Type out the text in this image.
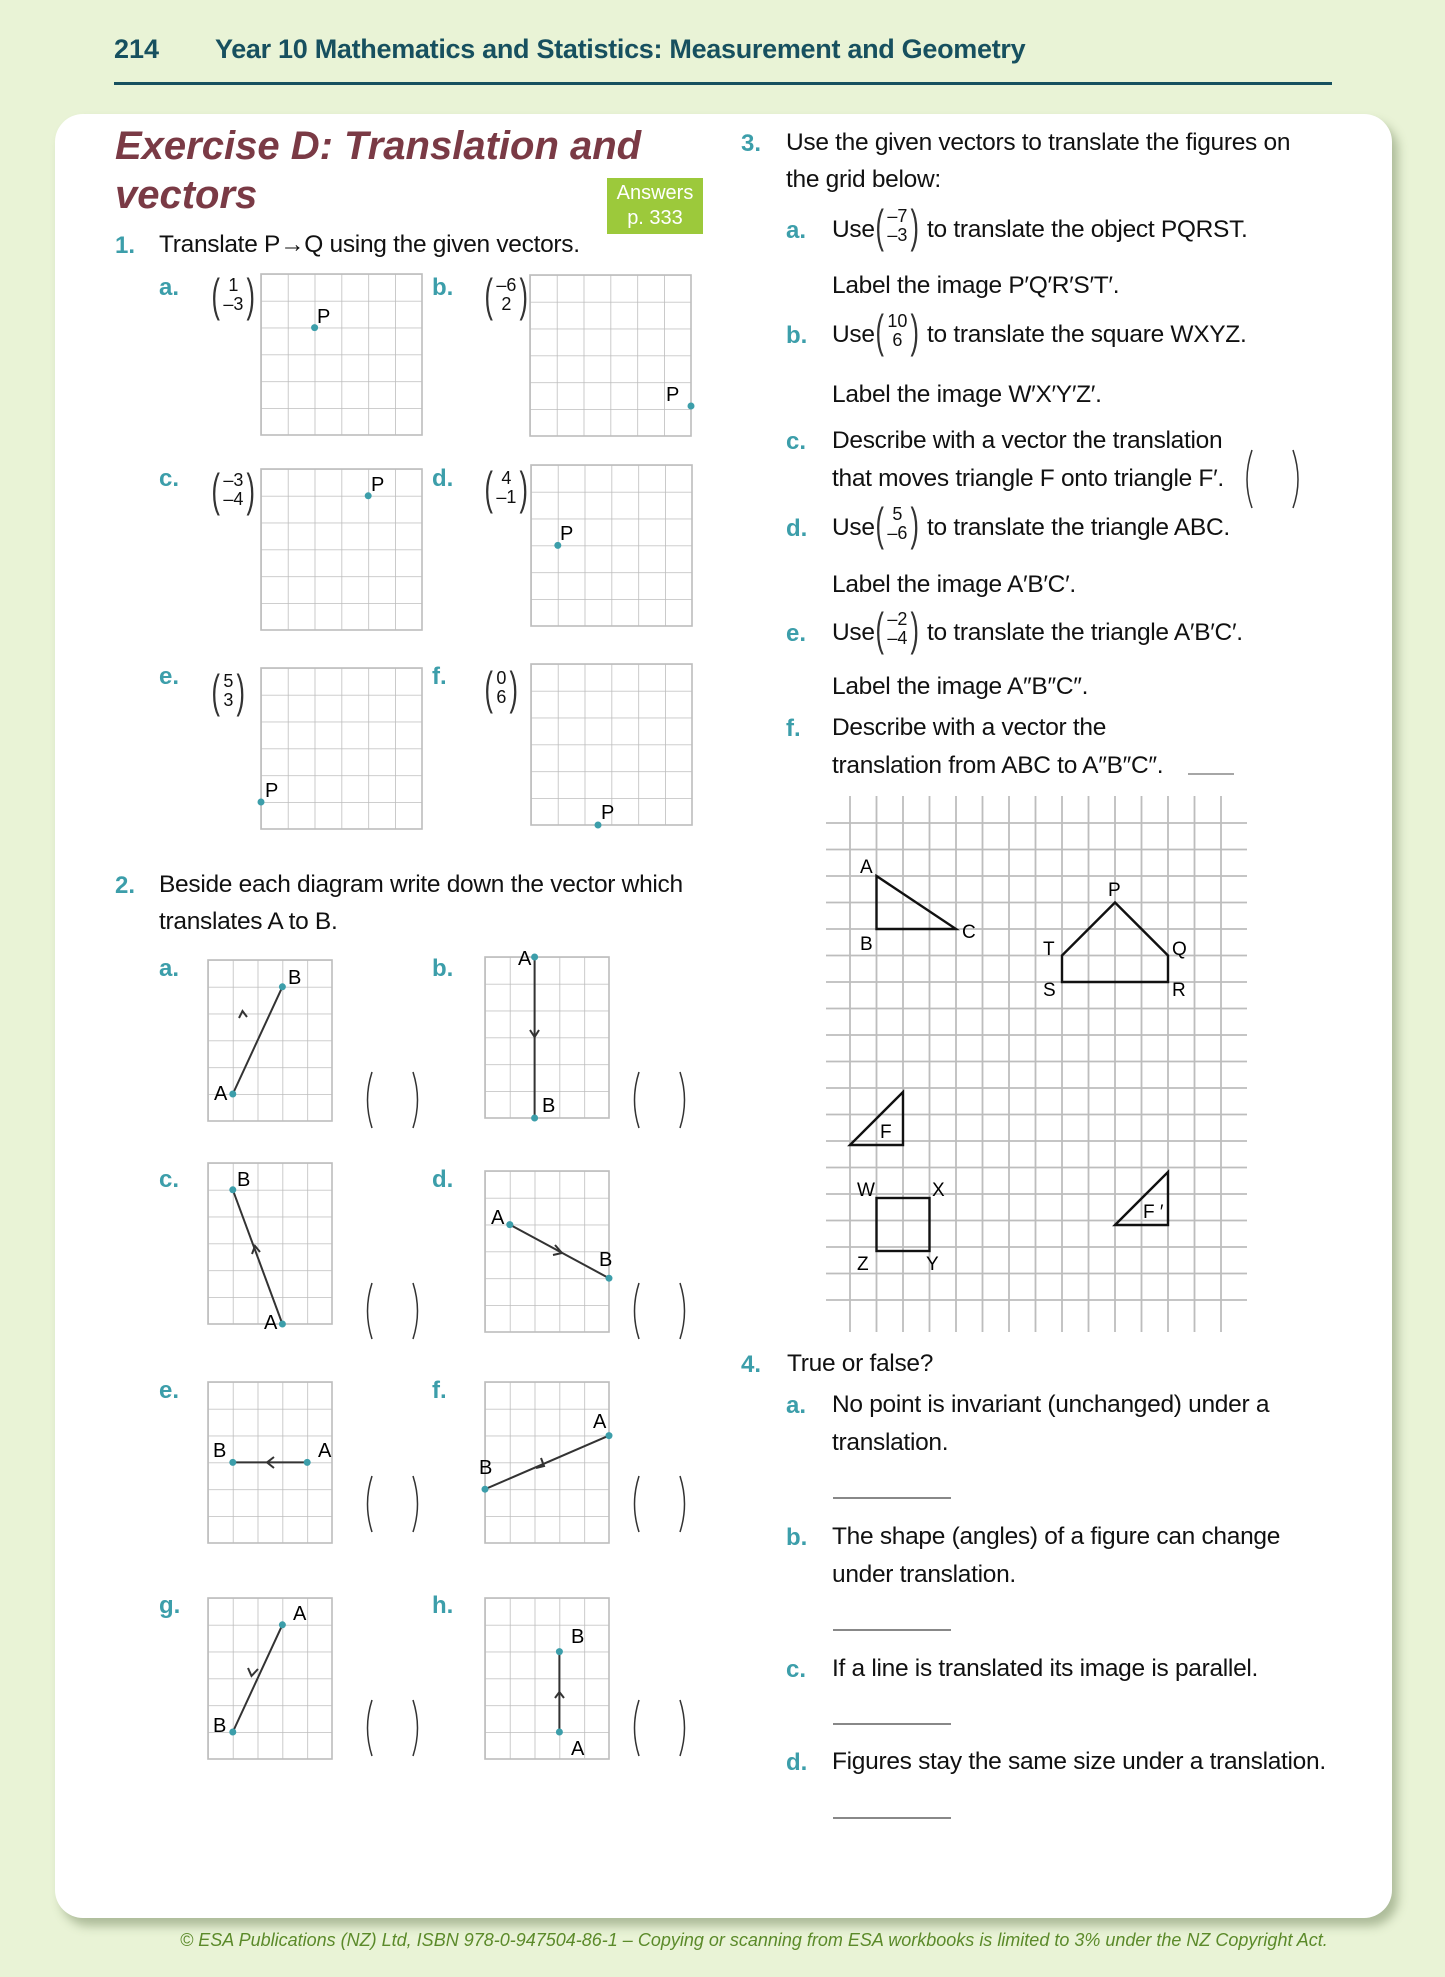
214 Year 10 Mathematics and Statistics: Measurement and Geometry
Exercise D: Translation and
vectors	Answers
p. 333
1. Translate P→Q using the given vectors.
a.	b.
c.	d.
e.	f.
( 1
–3 )	( –6
2 )
( –3
–4 )	( 4
–1 )
( 5
3 )	( 0
6 )
P
P
P
P
P
P
A
B
A
B
A
B
A
B
B	A
A
B
A
B
A
B
A
B
C
P
Q
R
S
T
F
W	X
Z	Y
F ′
2. Beside each diagram write down the vector which
translates A to B.
a.	b.
c.	d.
e.	f.
g.	h.
3. Use the given vectors to translate the figures on
the grid below:
a. Use ( –7
–3 ) to translate the object PQRST.
Label the image P′Q′R′S′T′.
b. Use ( 10
6 ) to translate the square WXYZ.
Label the image W′X′Y′Z′.
c. Describe with a vector the translation
that moves triangle F onto triangle F′.
d. Use ( 5
–6 ) to translate the triangle ABC.
Label the image A′B′C′.
e. Use ( –2
–4 ) to translate the triangle A′B′C′.
Label the image A″B″C″.
f. Describe with a vector the
translation from ABC to A″B″C″.
4. True or false?
a. No point is invariant (unchanged) under a
translation.
b. The shape (angles) of a figure can change
under translation.
c. If a line is translated its image is parallel.
d. Figures stay the same size under a translation.
© ESA Publications (NZ) Ltd, ISBN 978-0-947504-86-1 – Copying or scanning from ESA workbooks is limited to 3% under the NZ Copyright Act.
